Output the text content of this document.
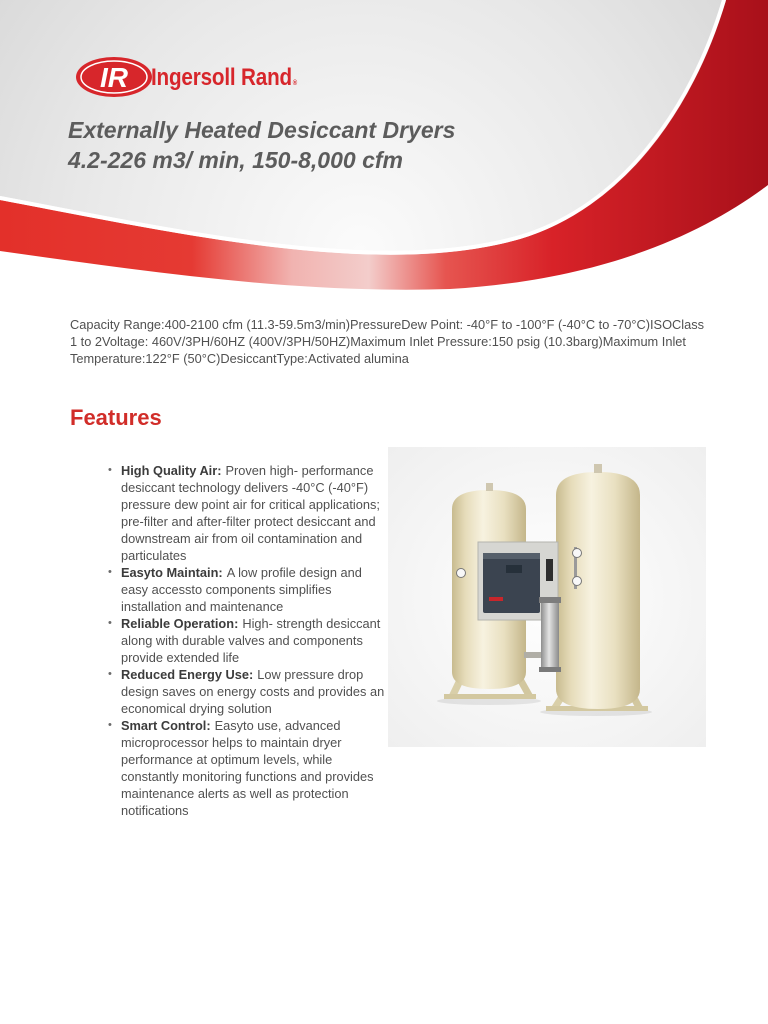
IR Ingersoll Rand®
Externally Heated Desiccant Dryers
4.2-226 m3/ min, 150-8,000 cfm
Capacity Range:400-2100 cfm (11.3-59.5m3/min)PressureDew Point: -40°F to -100°F (-40°C to -70°C)ISOClass
1 to 2Voltage: 460V/3PH/60HZ (400V/3PH/50HZ)Maximum Inlet Pressure:150 psig (10.3barg)Maximum Inlet
Temperature:122°F (50°C)DesiccantType:Activated alumina
Features
• High Quality Air: Proven high- performance
desiccant technology delivers -40°C (-40°F)
pressure dew point air for critical applications;
pre-filter and after-filter protect desiccant and
downstream air from oil contamination and
particulates
• Easyto Maintain: A low profile design and
easy accessto components simplifies
installation and maintenance
• Reliable Operation: High- strength desiccant
along with durable valves and components
provide extended life
• Reduced Energy Use: Low pressure drop
design saves on energy costs and provides an
economical drying solution
• Smart Control: Easyto use, advanced
microprocessor helps to maintain dryer
performance at optimum levels, while
constantly monitoring functions and provides
maintenance alerts as well as protection
notifications
